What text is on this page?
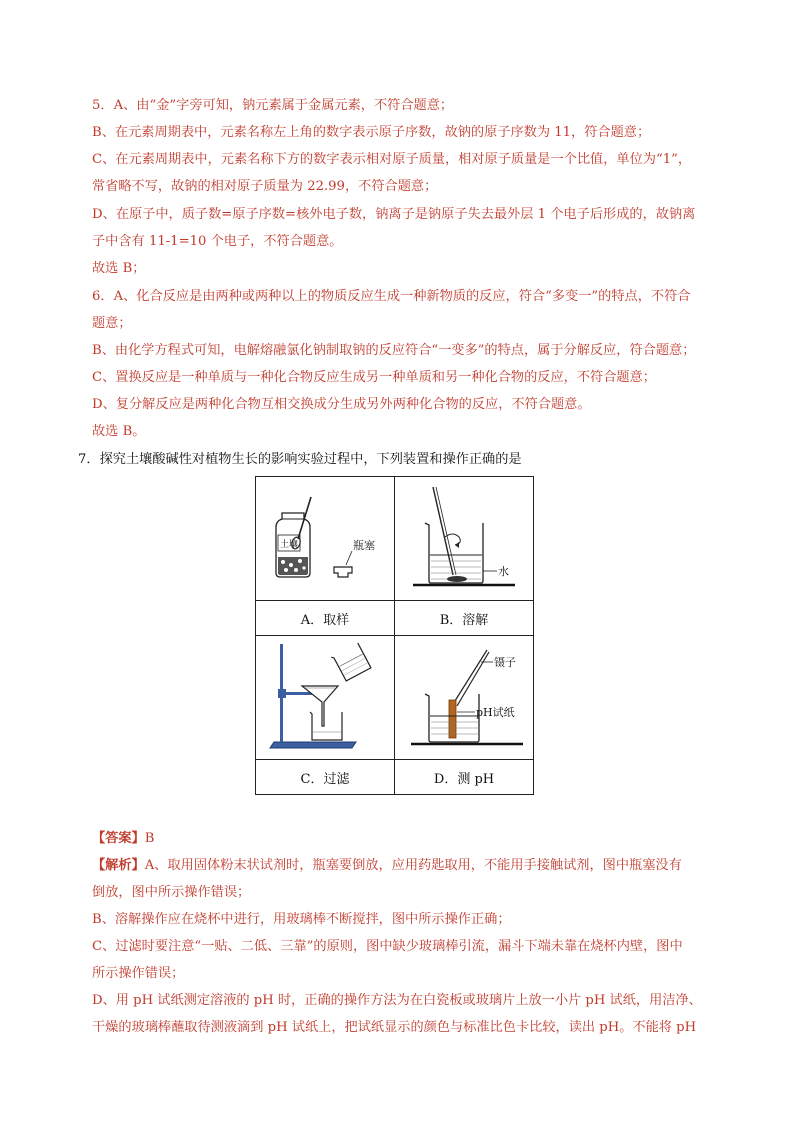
5．A、由“金”字旁可知，钠元素属于金属元素，不符合题意；

B、在元素周期表中，元素名称左上角的数字表示原子序数，故钠的原子序数为 11，符合题意；

C、在元素周期表中，元素名称下方的数字表示相对原子质量，相对原子质量是一个比值，单位为“1”，

常省略不写，故钠的相对原子质量为 22.99，不符合题意；

D、在原子中，质子数=原子序数=核外电子数，钠离子是钠原子失去最外层 1 个电子后形成的，故钠离

子中含有 11-1=10 个电子，不符合题意。

故选 B；

6．A、化合反应是由两种或两种以上的物质反应生成一种新物质的反应，符合“多变一”的特点，不符合

题意；

B、由化学方程式可知，电解熔融氯化钠制取钠的反应符合“一变多”的特点，属于分解反应，符合题意；

C、置换反应是一种单质与一种化合物反应生成另一种单质和另一种化合物的反应，不符合题意；

D、复分解反应是两种化合物互相交换成分生成另外两种化合物的反应，不符合题意。

故选 B。

7．探究土壤酸碱性对植物生长的影响实验过程中，下列装置和操作正确的是

土壤 瓶塞	水

A．取样	B．溶解

镊子
pH试纸

C．过滤	D．测 pH

【答案】B

【解析】A、取用固体粉末状试剂时，瓶塞要倒放，应用药匙取用，不能用手接触试剂，图中瓶塞没有

倒放，图中所示操作错误；

B、溶解操作应在烧杯中进行，用玻璃棒不断搅拌，图中所示操作正确；

C、过滤时要注意“一贴、二低、三靠”的原则，图中缺少玻璃棒引流，漏斗下端未靠在烧杯内壁，图中

所示操作错误；

D、用 pH 试纸测定溶液的 pH 时，正确的操作方法为在白瓷板或玻璃片上放一小片 pH 试纸，用洁净、

干燥的玻璃棒蘸取待测液滴到 pH 试纸上，把试纸显示的颜色与标准比色卡比较，读出 pH。不能将 pH
